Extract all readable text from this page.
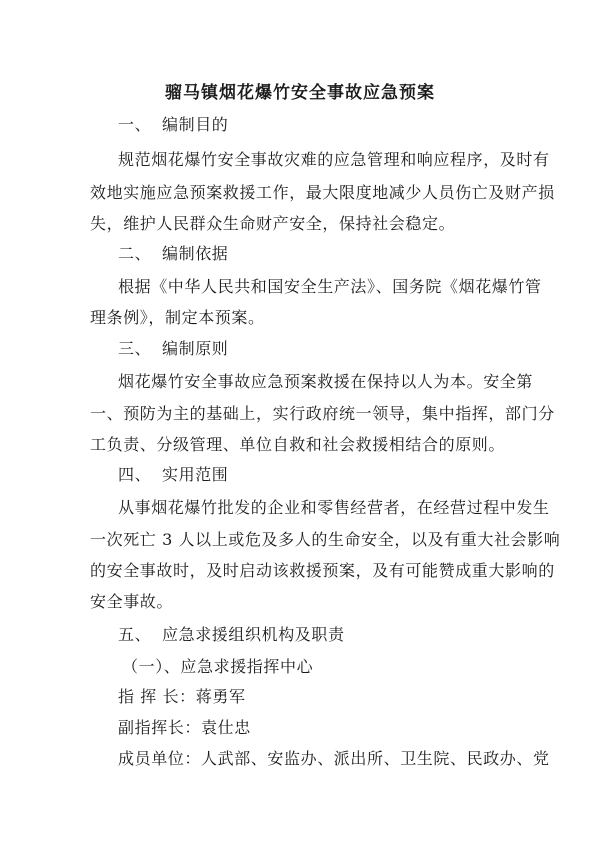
骝马镇烟花爆竹安全事故应急预案
一、 编制目的
规范烟花爆竹安全事故灾难的应急管理和响应程序，及时有
效地实施应急预案救援工作，最大限度地减少人员伤亡及财产损
失，维护人民群众生命财产安全，保持社会稳定。
二、 编制依据
根据《中华人民共和国安全生产法》、国务院《烟花爆竹管
理条例》，制定本预案。
三、 编制原则
烟花爆竹安全事故应急预案救援在保持以人为本。安全第
一、预防为主的基础上，实行政府统一领导，集中指挥，部门分
工负责、分级管理、单位自救和社会救援相结合的原则。
四、 实用范围
从事烟花爆竹批发的企业和零售经营者，在经营过程中发生
一次死亡 3 人以上或危及多人的生命安全，以及有重大社会影响
的安全事故时，及时启动该救援预案，及有可能赞成重大影响的
安全事故。
五、 应急求援组织机构及职责
（一）、应急求援指挥中心
指 挥 长：蒋勇军
副指挥长：袁仕忠
成员单位：人武部、安监办、派出所、卫生院、民政办、党
